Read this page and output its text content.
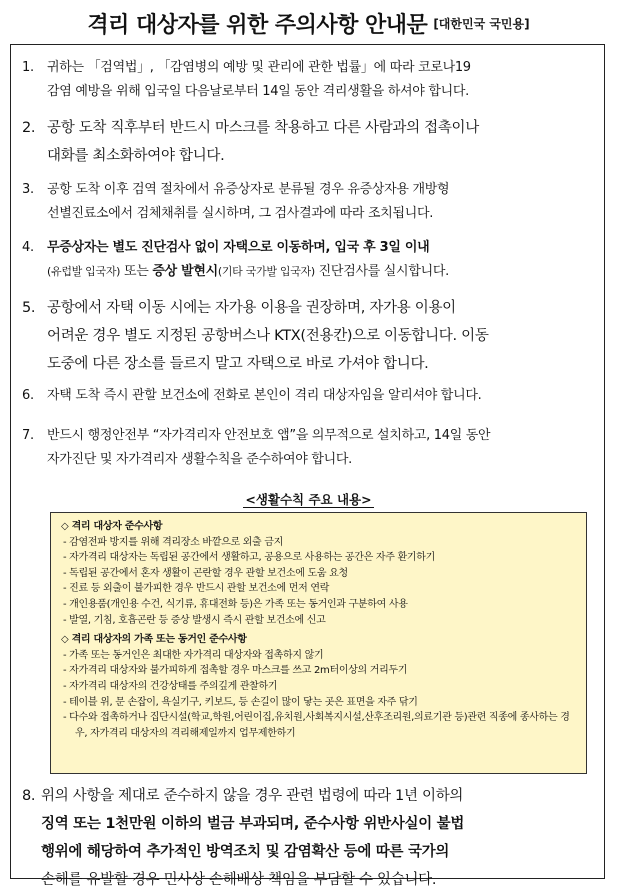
격리 대상자를 위한 주의사항 안내문 [대한민국 국민용]
1. 귀하는 「검역법」, 「감염병의 예방 및 관리에 관한 법률」에 따라 코로나19
감염 예방을 위해 입국일 다음날로부터 14일 동안 격리생활을 하셔야 합니다.
2. 공항 도착 직후부터 반드시 마스크를 착용하고 다른 사람과의 접촉이나
대화를 최소화하여야 합니다.
3. 공항 도착 이후 검역 절차에서 유증상자로 분류될 경우 유증상자용 개방형
선별진료소에서 검체채취를 실시하며, 그 검사결과에 따라 조치됩니다.
4. 무증상자는 별도 진단검사 없이 자택으로 이동하며, 입국 후 3일 이내
(유럽발 입국자) 또는 증상 발현시(기타 국가발 입국자) 진단검사를 실시합니다.
5. 공항에서 자택 이동 시에는 자가용 이용을 권장하며, 자가용 이용이
어려운 경우 별도 지정된 공항버스나 KTX(전용칸)으로 이동합니다. 이동
도중에 다른 장소를 들르지 말고 자택으로 바로 가셔야 합니다.
6. 자택 도착 즉시 관할 보건소에 전화로 본인이 격리 대상자임을 알리셔야 합니다.
7. 반드시 행정안전부 “자가격리자 안전보호 앱”을 의무적으로 설치하고, 14일 동안
자가진단 및 자가격리자 생활수칙을 준수하여야 합니다.
<생활수칙 주요 내용>
◇ 격리 대상자 준수사항
- 감염전파 방지를 위해 격리장소 바깥으로 외출 금지
- 자가격리 대상자는 독립된 공간에서 생활하고, 공용으로 사용하는 공간은 자주 환기하기
- 독립된 공간에서 혼자 생활이 곤란할 경우 관할 보건소에 도움 요청
- 진료 등 외출이 불가피한 경우 반드시 관할 보건소에 먼저 연락
- 개인용품(개인용 수건, 식기류, 휴대전화 등)은 가족 또는 동거인과 구분하여 사용
- 발열, 기침, 호흡곤란 등 증상 발생시 즉시 관할 보건소에 신고
◇ 격리 대상자의 가족 또는 동거인 준수사항
- 가족 또는 동거인은 최대한 자가격리 대상자와 접촉하지 않기
- 자가격리 대상자와 불가피하게 접촉할 경우 마스크를 쓰고 2m터이상의 거리두기
- 자가격리 대상자의 건강상태를 주의깊게 관찰하기
- 테이블 위, 문 손잡이, 욕실기구, 키보드, 등 손길이 많이 닿는 곳은 표면을 자주 닦기
- 다수와 접촉하거나 집단시설(학교,학원,어린이집,유치원,사회복지시설,산후조리원,의료기관 등)관련 직종에 종사하는 경우, 자가격리 대상자의 격리해제일까지 업무제한하기
8. 위의 사항을 제대로 준수하지 않을 경우 관련 법령에 따라 1년 이하의
징역 또는 1천만원 이하의 벌금 부과되며, 준수사항 위반사실이 불법
행위에 해당하여 추가적인 방역조치 및 감염확산 등에 따른 국가의
손해를 유발할 경우 민사상 손해배상 책임을 부담할 수 있습니다.
